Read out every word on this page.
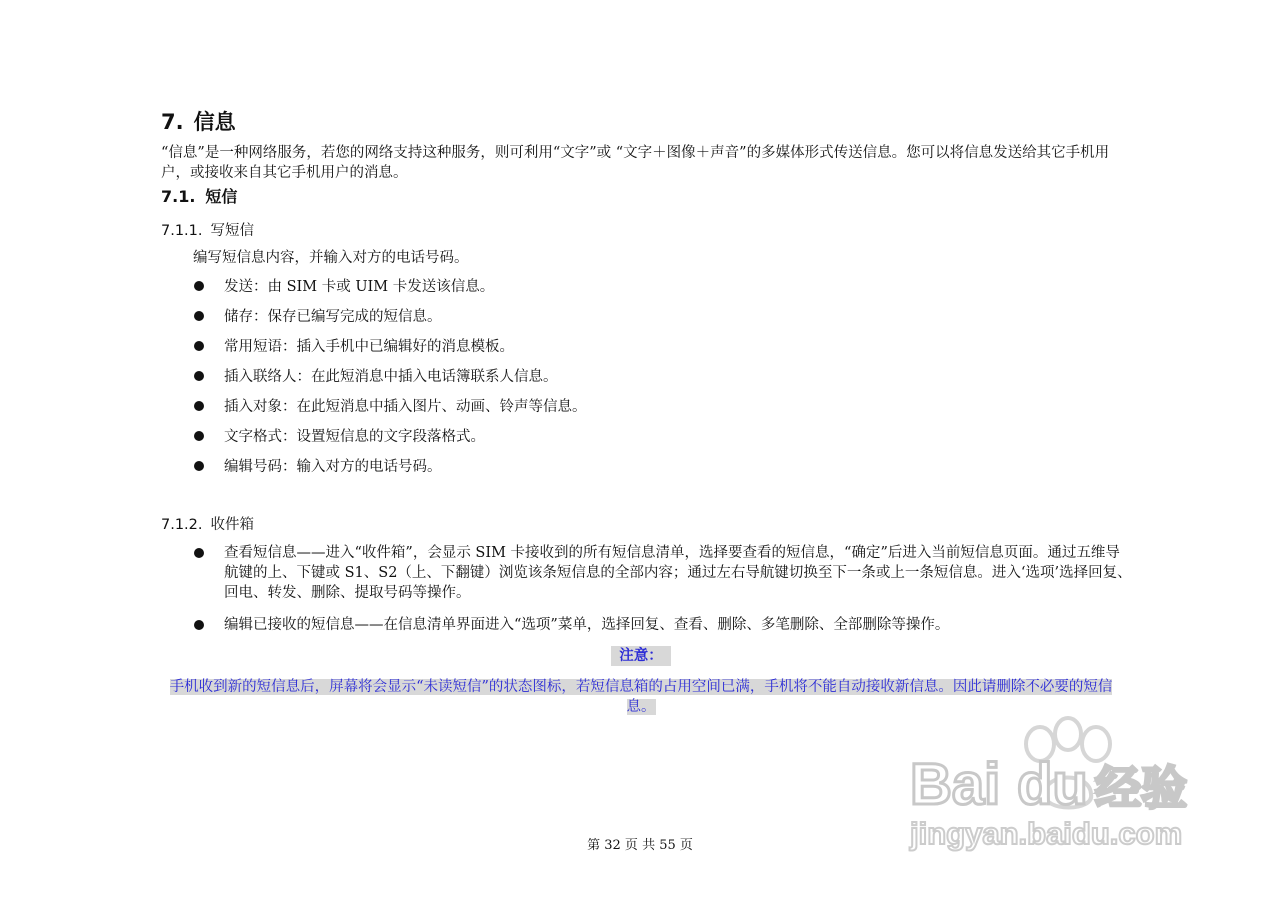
7. 信息

“信息”是一种网络服务，若您的网络支持这种服务，则可利用“文字”或 “文字＋图像＋声音”的多媒体形式传送信息。您可以将信息发送给其它手机用户，或接收来自其它手机用户的消息。

7.1. 短信
7.1.1. 写短信

编写短信息内容，并输入对方的电话号码。

发送：由 SIM 卡或 UIM 卡发送该信息。
储存：保存已编写完成的短信息。
常用短语：插入手机中已编辑好的消息模板。
插入联络人：在此短消息中插入电话簿联系人信息。
插入对象：在此短消息中插入图片、动画、铃声等信息。
文字格式：设置短信息的文字段落格式。
编辑号码：输入对方的电话号码。
7.1.2. 收件箱
查看短信息——进入“收件箱”，会显示 SIM 卡接收到的所有短信息清单，选择要查看的短信息，“确定”后进入当前短信息页面。通过五维导航键的上、下键或 S1、S2（上、下翻键）浏览该条短信息的全部内容；通过左右导航键切换至下一条或上一条短信息。进入‘选项’选择回复、回电、转发、删除、提取号码等操作。
编辑已接收的短信息——在信息清单界面进入“选项”菜单，选择回复、查看、删除、多笔删除、全部删除等操作。
注意：
手机收到新的短信息后，屏幕将会显示“未读短信”的状态图标，若短信息箱的占用空间已满，手机将不能自动接收新信息。因此请删除不必要的短信息。
第 32 页 共 55 页
Bai du 经验
jingyan.baidu.com
